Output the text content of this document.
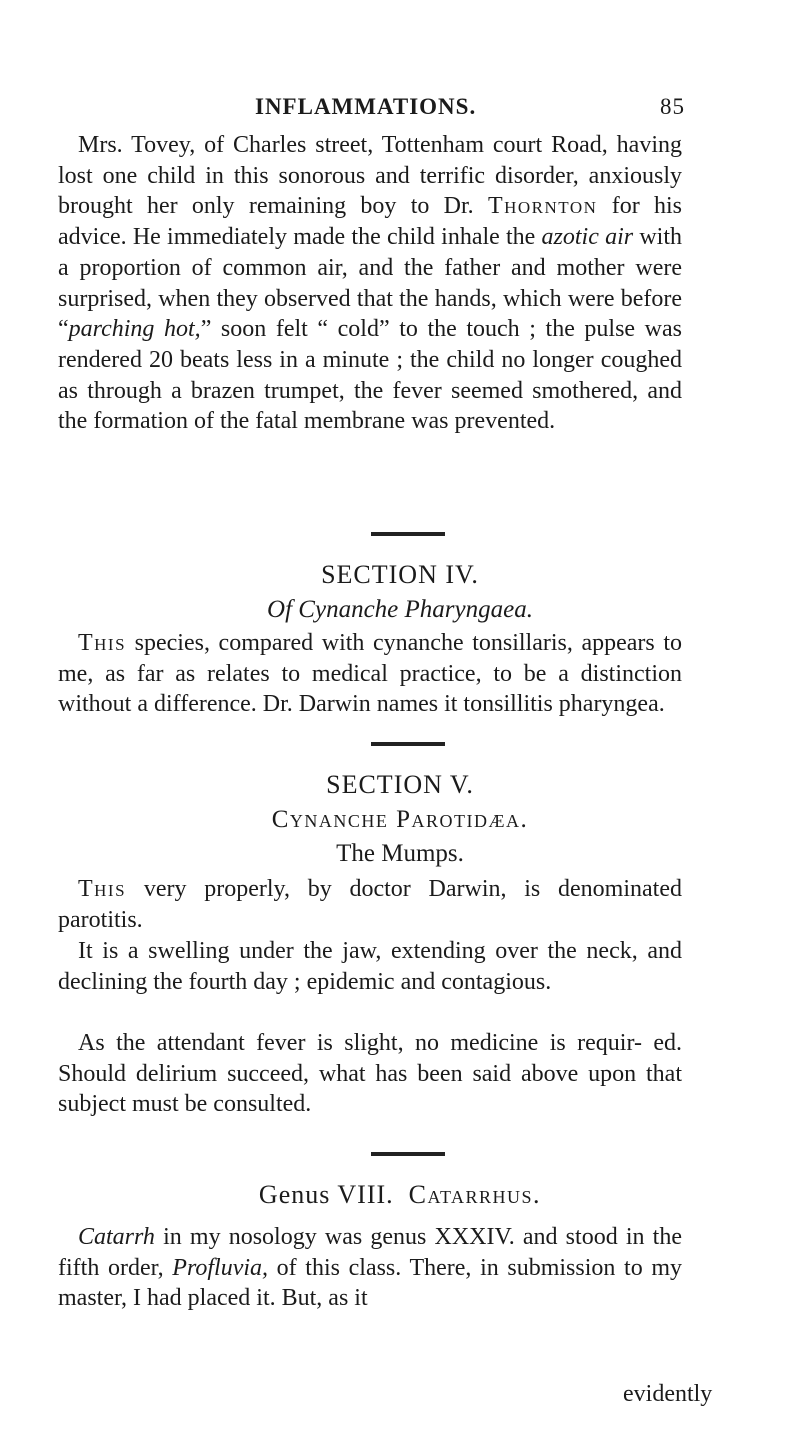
INFLAMMATIONS.	85

Mrs. Tovey, of Charles street, Tottenham court Road, having lost one child in this sonorous and terrific disorder, anxiously brought her only remaining boy to Dr. Thornton for his advice. He immediately made the child inhale the azotic air with a proportion of common air, and the father and mother were surprised, when they observed that the hands, which were before “parching hot,” soon felt “ cold” to the touch ; the pulse was rendered 20 beats less in a minute ; the child no longer coughed as through a brazen trumpet, the fever seemed smothered, and the formation of the fatal membrane was prevented.

SECTION IV.
Of Cynanche Pharyngaea.

This species, compared with cynanche tonsillaris, appears to me, as far as relates to medical practice, to be a distinction without a difference. Dr. Darwin names it tonsillitis pharyngea.

SECTION V.
Cynanche Parotidæa.
The Mumps.

This very properly, by doctor Darwin, is denominated parotitis.

It is a swelling under the jaw, extending over the neck, and declining the fourth day ; epidemic and contagious.

As the attendant fever is slight, no medicine is requir- ed. Should delirium succeed, what has been said above upon that subject must be consulted.

Genus VIII. Catarrhus.

Catarrh in my nosology was genus XXXIV. and stood in the fifth order, Profluvia, of this class. There, in submission to my master, I had placed it. But, as it

evidently
